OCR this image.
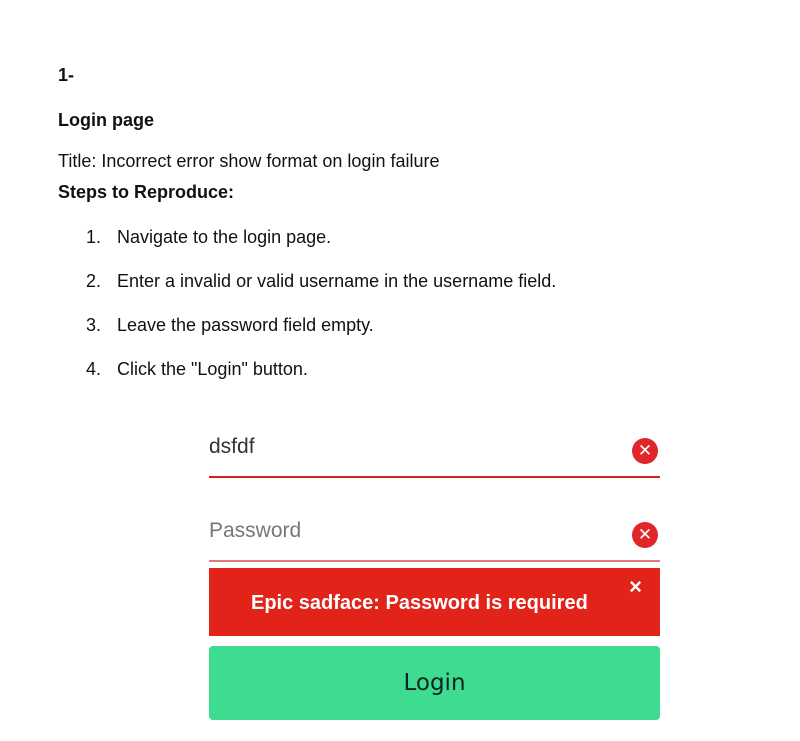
1-
Login page
Title: Incorrect error show format on login failure
Steps to Reproduce:
1. Navigate to the login page.
2. Enter a invalid or valid username in the username field.
3. Leave the password field empty.
4. Click the "Login" button.
dsfdf	✕
Password	✕
Epic sadface: Password is required
×
Login
